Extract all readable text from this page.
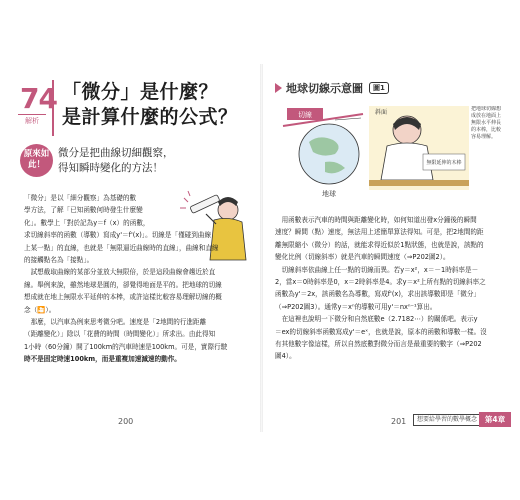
74
解析
「微分」是什麼？
是計算什麼的公式？
原來如此！
微分是把曲線切細觀察，
得知瞬時變化的方法！
「微分」是以「細分觀察」為基礎的數
學方法，了解「已知函數何時發生什麼變
化」。數學上「對於記為y＝f（x）的函數，
求切線斜率的函數（導數）寫成y'＝f'(x)」。切線是「僅碰到曲線
上某一點」的直線，也就是「無限逼近曲線時的直線」，曲線和直線
的接觸點名為「接點」。
　試想截取曲線的某部分並放大無限倍，於是這段曲線會趨近於直
線。舉例來說，雖然地球是圓的，卻覺得地面是平的。把地球的切線
想成就在地上無限水平延伸的本棒，或許這樣比較容易理解切線的概
念（🎦）。
　那麼，以汽車為例來思考微分吧。速度是「2地間的行進距離
（距離變化）」除以「花費的時間（時間變化）」所求出。由此得知
1小時（60分鐘）開了100km的汽車時速是100km。可是，實際行駛
時不是固定時速100km，而是重複加速減速的動作。
200
地球切線示意圖	圖1
切線
地球
無限延伸的木棒
斜面	把地球切線想成放在地面上無限水平伸長的本棒，比較容易理解。
　用函數表示汽車的時間與距離變化時，如何知道出發x分鐘後的瞬間
速度？瞬間（點）速度，無法用上述簡單算法得知。可是，把2地間的距
離無限縮小（微分）的話，就能求得近似於1點狀態，也就是說，該點的
變化比例（切線斜率）就是汽車的瞬間速度（⇒P202圖2）。
　切線斜率依曲線上任一點的切線而異。若y＝x²，x＝－1時斜率是－
2，當x＝0時斜率是0，x＝2時斜率是4。求y＝x²上所有點的切線斜率之
函數為y'＝2x，該函數名為導數，寫成f'(x)，求出該導數即是「微分」
（⇒P202圖3）。通常y＝xⁿ的導數可用y'＝nxⁿ⁻¹算出。
　在這裡也說明一下微分和自然底數e（2.7182⋯）的關係吧。表示y
＝ex的切線斜率函數寫成y'＝eˣ，也就是說，原本的函數和導數一樣。沒
有其他數字像這樣，所以自然底數對微分而言是最重要的數字（⇒P202
圖4）。
201	想要給學習的數學概念	第4章
